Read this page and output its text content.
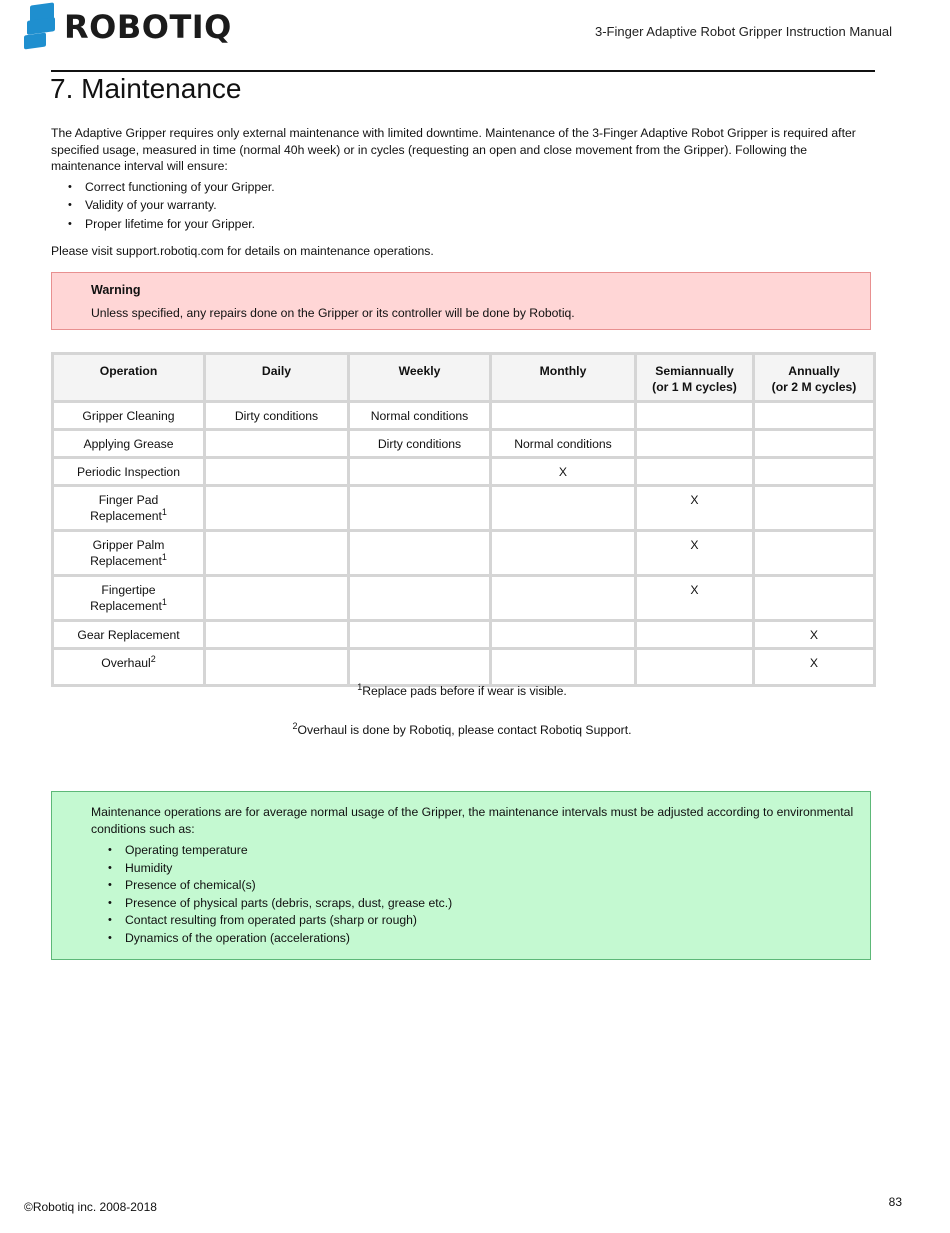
ROBOTIQ	3-Finger Adaptive Robot Gripper Instruction Manual
7. Maintenance

The Adaptive Gripper requires only external maintenance with limited downtime. Maintenance of the 3-Finger Adaptive Robot Gripper is required after specified usage, measured in time (normal 40h week) or in cycles (requesting an open and close movement from the Gripper). Following the maintenance interval will ensure:

• Correct functioning of your Gripper.
• Validity of your warranty.
• Proper lifetime for your Gripper.
Please visit support.robotiq.com for details on maintenance operations.
Warning
Unless specified, any repairs done on the Gripper or its controller will be done by Robotiq.
Operation	Daily	Weekly	Monthly	Semiannually
(or 1 M cycles)	Annually
(or 2 M cycles)
Gripper Cleaning	Dirty conditions	Normal conditions			
Applying Grease		Dirty conditions	Normal conditions		
Periodic Inspection			X		
Finger Pad
Replacement$^1$				X	
Gripper Palm
Replacement$^1$				X	
Fingertipe
Replacement$^1$				X	
Gear Replacement					X
Overhaul$^2$					X
$^1$Replace pads before if wear is visible.
$^2$Overhaul is done by Robotiq, please contact Robotiq Support.

Maintenance operations are for average normal usage of the Gripper, the maintenance intervals must be adjusted according to environmental conditions such as:

• Operating temperature
• Humidity
• Presence of chemical(s)
• Presence of physical parts (debris, scraps, dust, grease etc.)
• Contact resulting from operated parts (sharp or rough)
• Dynamics of the operation (accelerations)
©Robotiq inc. 2008-2018	83
